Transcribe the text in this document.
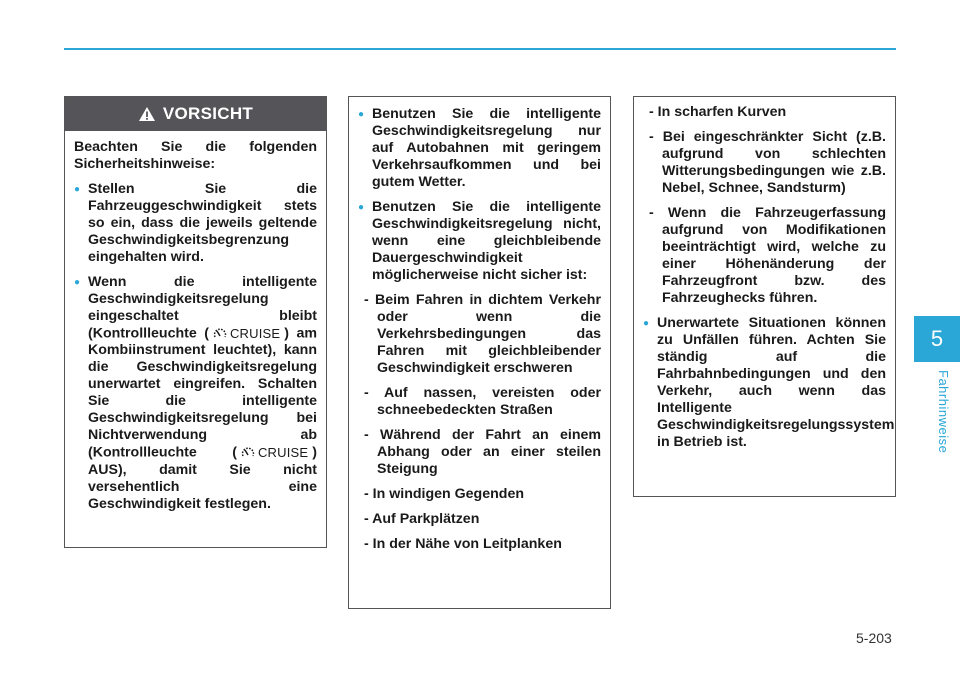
5
Fahrhinweise
VORSICHT

Beachten Sie die folgenden Sicherheitshinweise:

● Stellen Sie die Fahrzeuggeschwindigkeit stets so ein, dass die jeweils geltende Geschwindigkeitsbegrenzung eingehalten wird.
● Wenn die intelligente Geschwindigkeitsregelung eingeschaltet bleibt (Kontrollleuchte ( CRUISE ) am Kombiinstrument leuchtet), kann die Geschwindigkeitsregelung unerwartet eingreifen. Schalten Sie die intelligente Geschwindigkeitsregelung bei Nichtverwendung ab (Kontrollleuchte ( CRUISE ) AUS), damit Sie nicht versehentlich eine Geschwindigkeit festlegen.
● Benutzen Sie die intelligente Geschwindigkeitsregelung nur auf Autobahnen mit geringem Verkehrsaufkommen und bei gutem Wetter.
● Benutzen Sie die intelligente Geschwindigkeitsregelung nicht, wenn eine gleichbleibende Dauergeschwindigkeit möglicherweise nicht sicher ist:
- Beim Fahren in dichtem Verkehr oder wenn die Verkehrsbedingungen das Fahren mit gleichbleibender Geschwindigkeit erschweren
- Auf nassen, vereisten oder schneebedeckten Straßen
- Während der Fahrt an einem Abhang oder an einer steilen Steigung
- In windigen Gegenden
- Auf Parkplätzen
- In der Nähe von Leitplanken
- In scharfen Kurven
- Bei eingeschränkter Sicht (z.B. aufgrund von schlechten Witterungsbedingungen wie z.B. Nebel, Schnee, Sandsturm)
- Wenn die Fahrzeugerfassung aufgrund von Modifikationen beeinträchtigt wird, welche zu einer Höhenänderung der Fahrzeugfront bzw. des Fahrzeughecks führen.
● Unerwartete Situationen können zu Unfällen führen. Achten Sie ständig auf die Fahrbahnbedingungen und den Verkehr, auch wenn das Intelligente Geschwindigkeitsregelungssystem in Betrieb ist.
5-203
